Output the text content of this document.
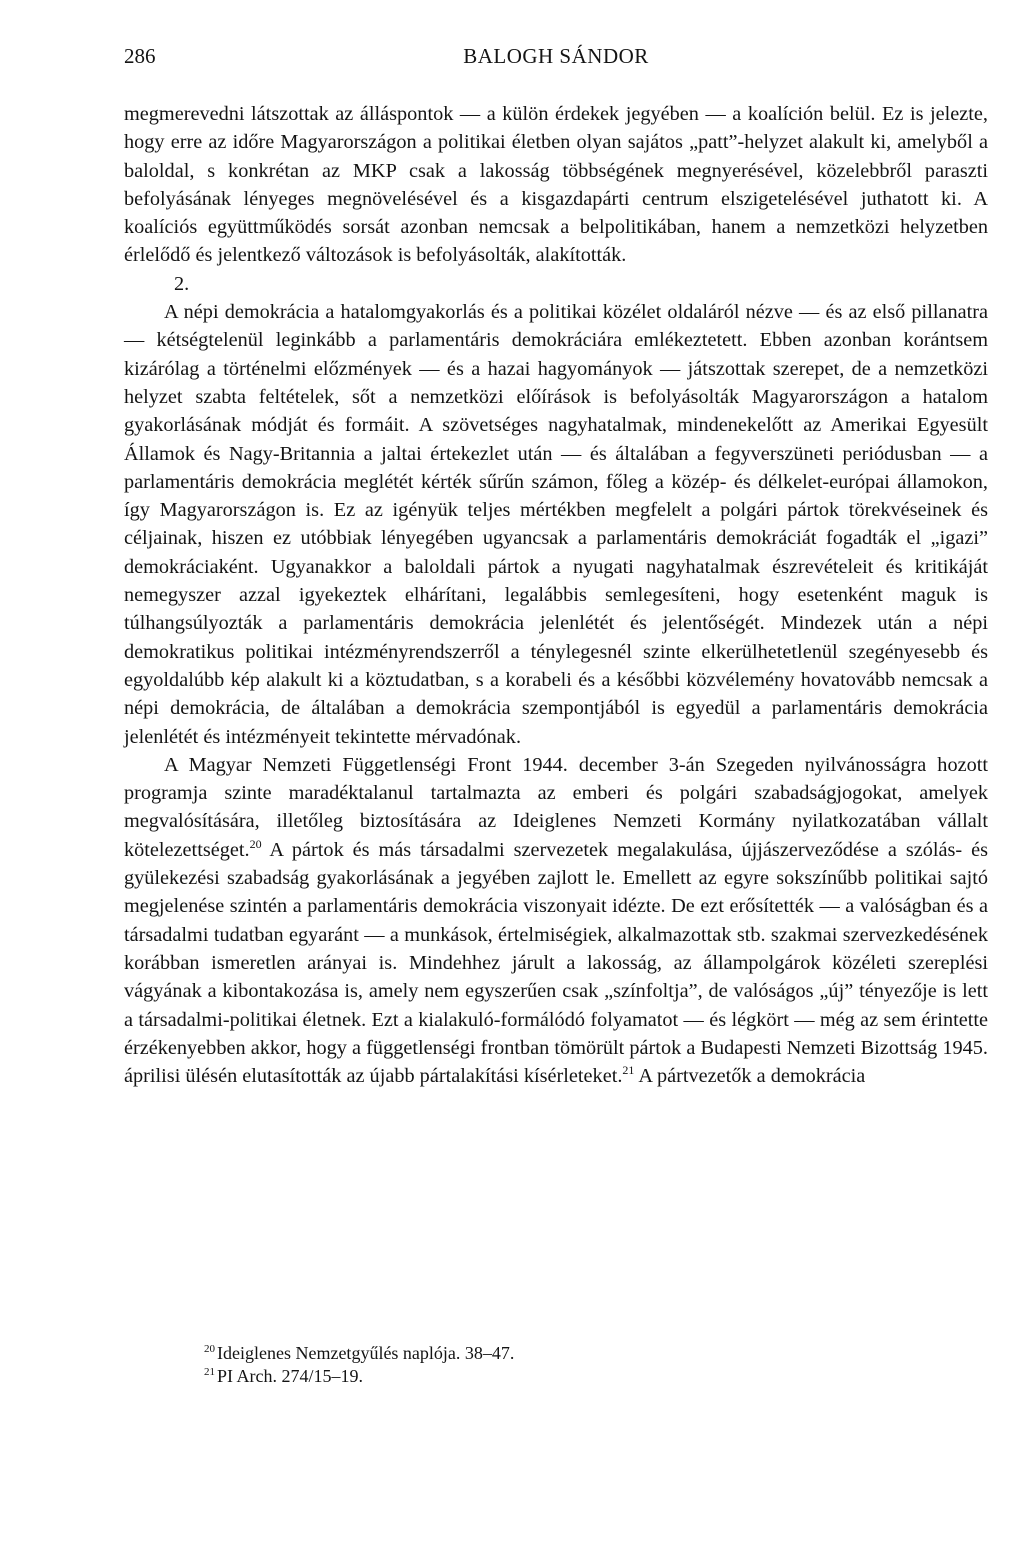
286	BALOGH SÁNDOR

megmerevedni látszottak az álláspontok — a külön érdekek jegyében — a koalíción belül. Ez is jelezte, hogy erre az időre Magyarországon a politikai életben olyan sajátos „patt”-helyzet alakult ki, amelyből a baloldal, s konkrétan az MKP csak a lakosság többségének megnyerésével, közelebbről paraszti befolyásának lényeges megnövelésével és a kisgazdapárti centrum elszigetelésével juthatott ki. A koalíciós együttműködés sorsát azonban nemcsak a belpolitikában, hanem a nemzetközi helyzetben érlelődő és jelentkező változások is befolyásolták, alakították.

2.

A népi demokrácia a hatalomgyakorlás és a politikai közélet oldaláról nézve — és az első pillanatra — kétségtelenül leginkább a parlamentáris demokráciára emlékeztetett. Ebben azonban korántsem kizárólag a történelmi előzmények — és a hazai hagyományok — játszottak szerepet, de a nemzetközi helyzet szabta feltételek, sőt a nemzetközi előírások is befolyásolták Magyarországon a hatalom gyakorlásának módját és formáit. A szövetséges nagyhatalmak, mindenekelőtt az Amerikai Egyesült Államok és Nagy-Britannia a jaltai értekezlet után — és általában a fegyverszüneti periódusban — a parlamentáris demokrácia meglétét kérték sűrűn számon, főleg a közép- és délkelet-európai államokon, így Magyarországon is. Ez az igényük teljes mértékben megfelelt a polgári pártok törekvéseinek és céljainak, hiszen ez utóbbiak lényegében ugyancsak a parlamentáris demokráciát fogadták el „igazi” demokráciaként. Ugyanakkor a baloldali pártok a nyugati nagyhatalmak észrevételeit és kritikáját nemegyszer azzal igyekeztek elhárítani, legalábbis semlegesíteni, hogy esetenként maguk is túlhangsúlyozták a parlamentáris demokrácia jelenlétét és jelentőségét. Mindezek után a népi demokratikus politikai intézményrendszerről a ténylegesnél szinte elkerülhetetlenül szegényesebb és egyoldalúbb kép alakult ki a köztudatban, s a korabeli és a későbbi közvélemény hovatovább nemcsak a népi demokrácia, de általában a demokrácia szempontjából is egyedül a parlamentáris demokrácia jelenlétét és intézményeit tekintette mérvadónak.

A Magyar Nemzeti Függetlenségi Front 1944. december 3-án Szegeden nyilvánosságra hozott programja szinte maradéktalanul tartalmazta az emberi és polgári szabadságjogokat, amelyek megvalósítására, illetőleg biztosítására az Ideiglenes Nemzeti Kormány nyilatkozatában vállalt kötelezettséget.$^{20}$ A pártok és más társadalmi szervezetek megalakulása, újjászerveződése a szólás- és gyülekezési szabadság gyakorlásának a jegyében zajlott le. Emellett az egyre sokszínűbb politikai sajtó megjelenése szintén a parlamentáris demokrácia viszonyait idézte. De ezt erősítették — a valóságban és a társadalmi tudatban egyaránt — a munkások, értelmiségiek, alkalmazottak stb. szakmai szervezkedésének korábban ismeretlen arányai is. Mindehhez járult a lakosság, az állampolgárok közéleti szereplési vágyának a kibontakozása is, amely nem egyszerűen csak „színfoltja”, de valóságos „új” tényezője is lett a társadalmi-politikai életnek. Ezt a kialakuló-formálódó folyamatot — és légkört — még az sem érintette érzékenyebben akkor, hogy a függetlenségi frontban tömörült pártok a Budapesti Nemzeti Bizottság 1945. áprilisi ülésén elutasították az újabb pártalakítási kísérleteket.$^{21}$ A pártvezetők a demokrácia

$^{20}$ Ideiglenes Nemzetgyűlés naplója. 38–47.
$^{21}$ PI Arch. 274/15–19.
